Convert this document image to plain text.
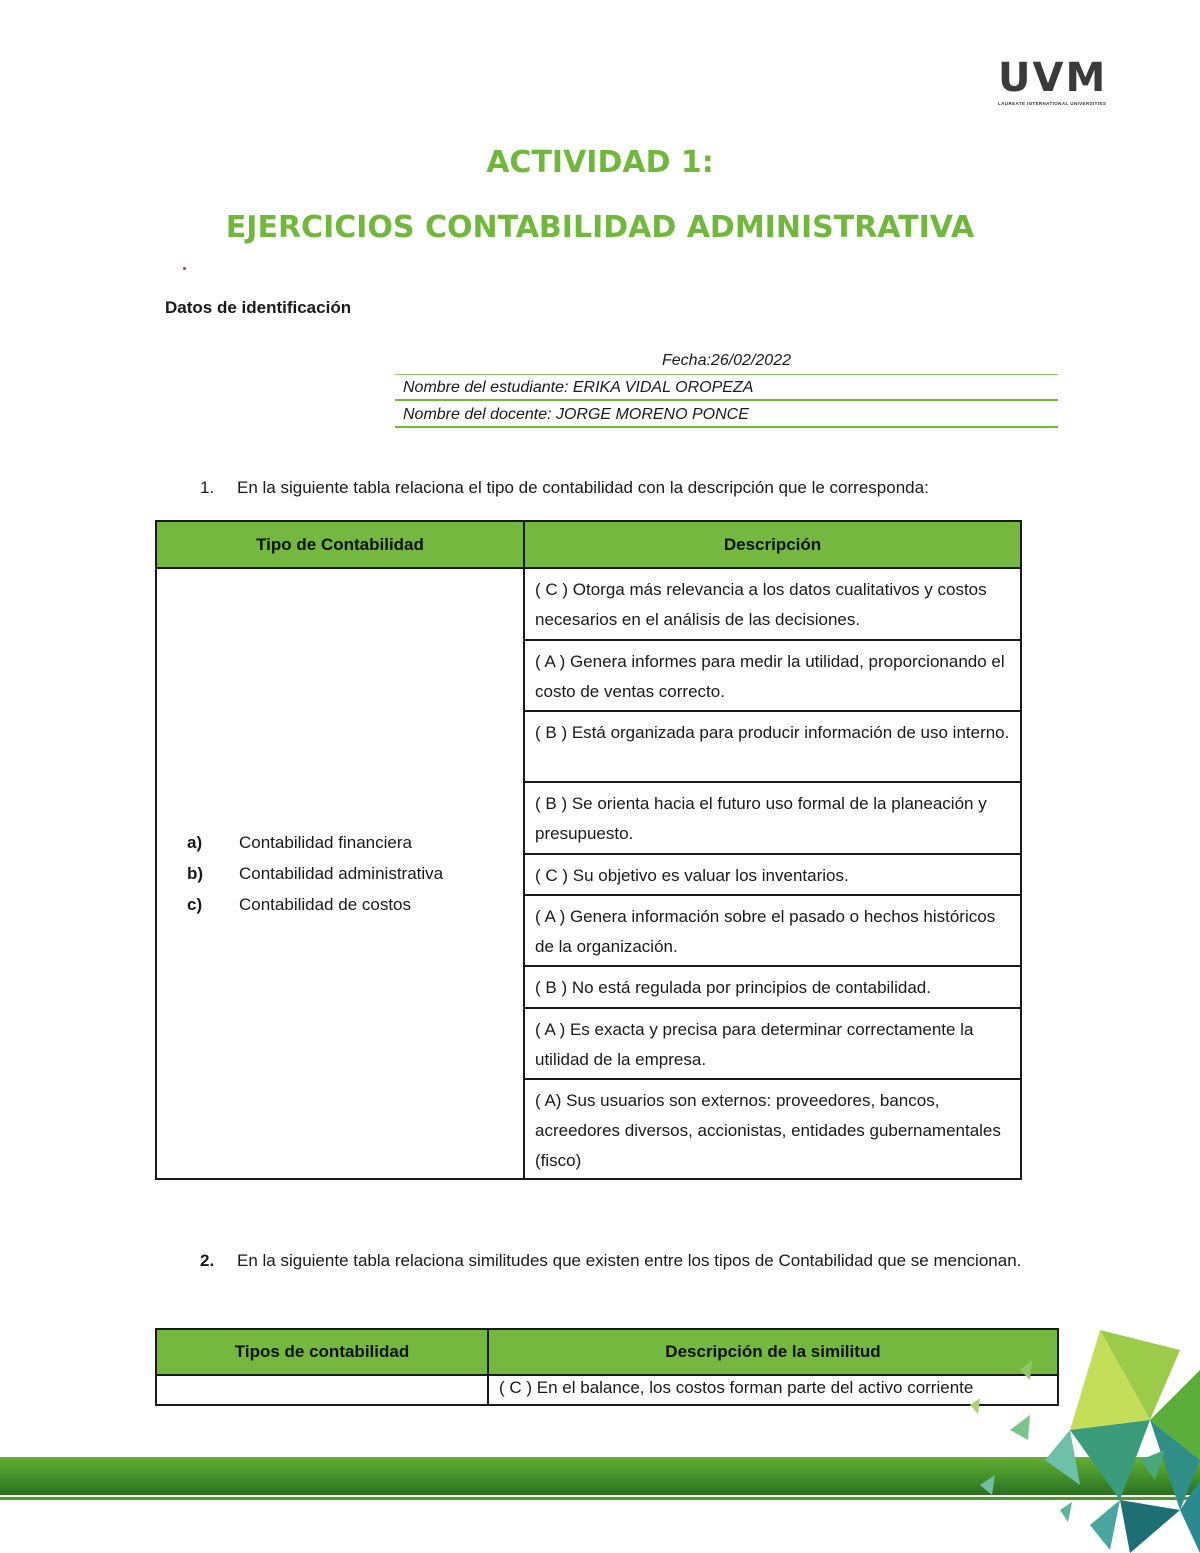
UVM
LAUREATE INTERNATIONAL UNIVERSITIES
ACTIVIDAD 1:
EJERCICIOS CONTABILIDAD ADMINISTRATIVA
Datos de identificación
Fecha:26/02/2022
Nombre del estudiante: ERIKA VIDAL OROPEZA
Nombre del docente: JORGE MORENO PONCE
1. En la siguiente tabla relaciona el tipo de contabilidad con la descripción que le corresponda:
Tipo de Contabilidad	Descripción

a) Contabilidad financiera
b) Contabilidad administrativa
c) Contabilidad de costos	( C ) Otorga más relevancia a los datos cualitativos y costos necesarios en el análisis de las decisiones.
	( A ) Genera informes para medir la utilidad, proporcionando el costo de ventas correcto.
	( B ) Está organizada para producir información de uso interno.
	( B ) Se orienta hacia el futuro uso formal de la planeación y presupuesto.
	( C ) Su objetivo es valuar los inventarios.
	( A ) Genera información sobre el pasado o hechos históricos de la organización.
	( B ) No está regulada por principios de contabilidad.
	( A ) Es exacta y precisa para determinar correctamente la utilidad de la empresa.
	( A) Sus usuarios son externos: proveedores, bancos, acreedores diversos, accionistas, entidades gubernamentales (fisco)
2. En la siguiente tabla relaciona similitudes que existen entre los tipos de Contabilidad que se mencionan.
Tipos de contabilidad	Descripción de la similitud
	( C ) En el balance, los costos forman parte del activo corriente
